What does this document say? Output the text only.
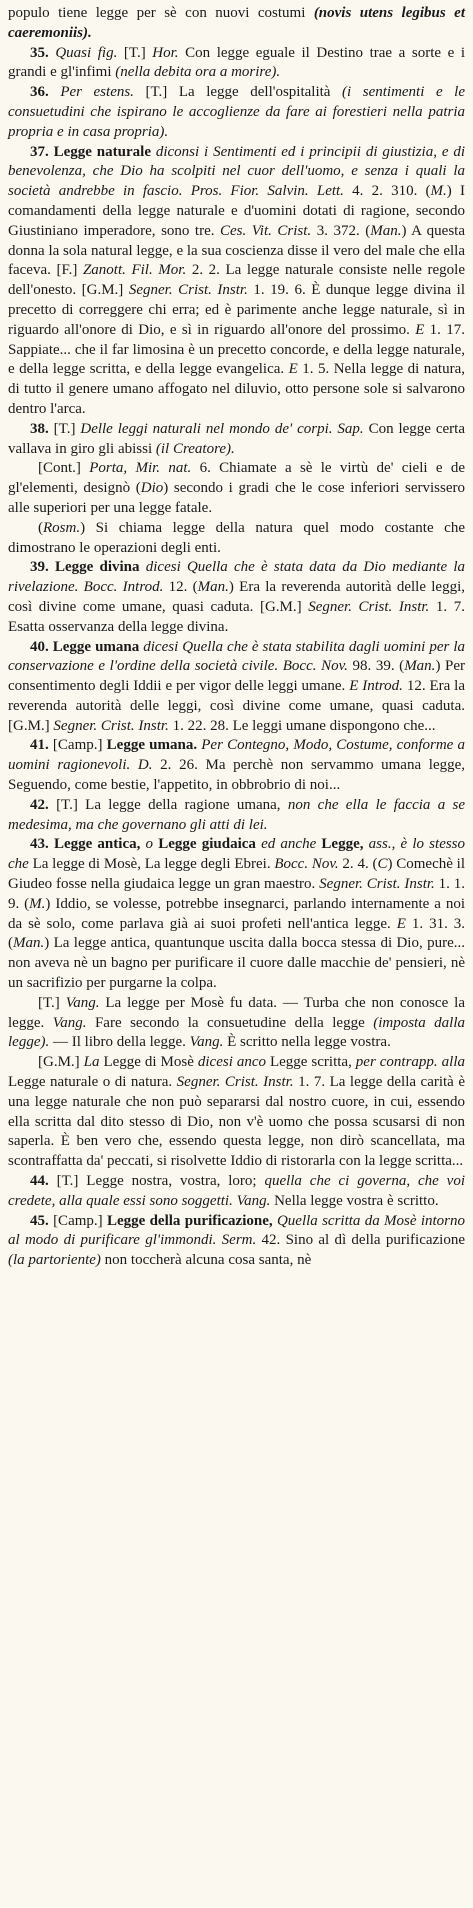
populo tiene legge per sè con nuovi costumi (novis utens legibus et caeremoniis).

35. Quasi fig. [T.] Hor. Con legge eguale il Destino trae a sorte e i grandi e gl'infimi (nella debita ora a morire).

36. Per estens. [T.] La legge dell'ospitalità (i sentimenti e le consuetudini che ispirano le accoglienze da fare ai forestieri nella patria propria e in casa propria).

37. Legge naturale diconsi i Sentimenti ed i principii di giustizia, e di benevolenza, che Dio ha scolpiti nel cuor dell'uomo, e senza i quali la società andrebbe in fascio. Pros. Fior. Salvin. Lett. 4. 2. 310. (M.) I comandamenti della legge naturale e d'uomini dotati di ragione, secondo Giustiniano imperadore, sono tre. Ces. Vit. Crist. 3. 372. (Man.) A questa donna la sola natural legge, e la sua coscienza disse il vero del male che ella faceva. [F.] Zanott. Fil. Mor. 2. 2. La legge naturale consiste nelle regole dell'onesto. [G.M.] Segner. Crist. Instr. 1. 19. 6. È dunque legge divina il precetto di correggere chi erra; ed è parimente anche legge naturale, sì in riguardo all'onore di Dio, e sì in riguardo all'onore del prossimo. E 1. 17. Sappiate... che il far limosina è un precetto concorde, e della legge naturale, e della legge scritta, e della legge evangelica. E 1. 5. Nella legge di natura, di tutto il genere umano affogato nel diluvio, otto persone sole si salvarono dentro l'arca.

38. [T.] Delle leggi naturali nel mondo de' corpi. Sap. Con legge certa vallava in giro gli abissi (il Creatore).

[Cont.] Porta, Mir. nat. 6. Chiamate a sè le virtù de' cieli e de gl'elementi, designò (Dio) secondo i gradi che le cose inferiori servissero alle superiori per una legge fatale.

(Rosm.) Si chiama legge della natura quel modo costante che dimostrano le operazioni degli enti.

39. Legge divina dicesi Quella che è stata data da Dio mediante la rivelazione. Bocc. Introd. 12. (Man.) Era la reverenda autorità delle leggi, così divine come umane, quasi caduta. [G.M.] Segner. Crist. Instr. 1. 7. Esatta osservanza della legge divina.

40. Legge umana dicesi Quella che è stata stabilita dagli uomini per la conservazione e l'ordine della società civile. Bocc. Nov. 98. 39. (Man.) Per consentimento degli Iddii e per vigor delle leggi umane. E Introd. 12. Era la reverenda autorità delle leggi, così divine come umane, quasi caduta. [G.M.] Segner. Crist. Instr. 1. 22. 28. Le leggi umane dispongono che...

41. [Camp.] Legge umana. Per Contegno, Modo, Costume, conforme a uomini ragionevoli. D. 2. 26. Ma perchè non servammo umana legge, Seguendo, come bestie, l'appetito, in obbrobrio di noi...

42. [T.] La legge della ragione umana, non che ella le faccia a se medesima, ma che governano gli atti di lei.

43. Legge antica, o Legge giudaica ed anche Legge, ass., è lo stesso che La legge di Mosè, La legge degli Ebrei. Bocc. Nov. 2. 4. (C) Comechè il Giudeo fosse nella giudaica legge un gran maestro. Segner. Crist. Instr. 1. 1. 9. (M.) Iddio, se volesse, potrebbe insegnarci, parlando internamente a noi da sè solo, come parlava già ai suoi profeti nell'antica legge. E 1. 31. 3. (Man.) La legge antica, quantunque uscita dalla bocca stessa di Dio, pure... non aveva nè un bagno per purificare il cuore dalle macchie de' pensieri, nè un sacrifizio per purgarne la colpa.

[T.] Vang. La legge per Mosè fu data. — Turba che non conosce la legge. Vang. Fare secondo la consuetudine della legge (imposta dalla legge). — Il libro della legge. Vang. È scritto nella legge vostra.

[G.M.] La Legge di Mosè dicesi anco Legge scritta, per contrapp. alla Legge naturale o di natura. Segner. Crist. Instr. 1. 7. La legge della carità è una legge naturale che non può separarsi dal nostro cuore, in cui, essendo ella scritta dal dito stesso di Dio, non v'è uomo che possa scusarsi di non saperla. È ben vero che, essendo questa legge, non dirò scancellata, ma scontraffatta da' peccati, si risolvette Iddio di ristorarla con la legge scritta...

44. [T.] Legge nostra, vostra, loro; quella che ci governa, che voi credete, alla quale essi sono soggetti. Vang. Nella legge vostra è scritto.

45. [Camp.] Legge della purificazione, Quella scritta da Mosè intorno al modo di purificare gl'immondi. Serm. 42. Sino al dì della purificazione (la partoriente) non toccherà alcuna cosa santa, nè
